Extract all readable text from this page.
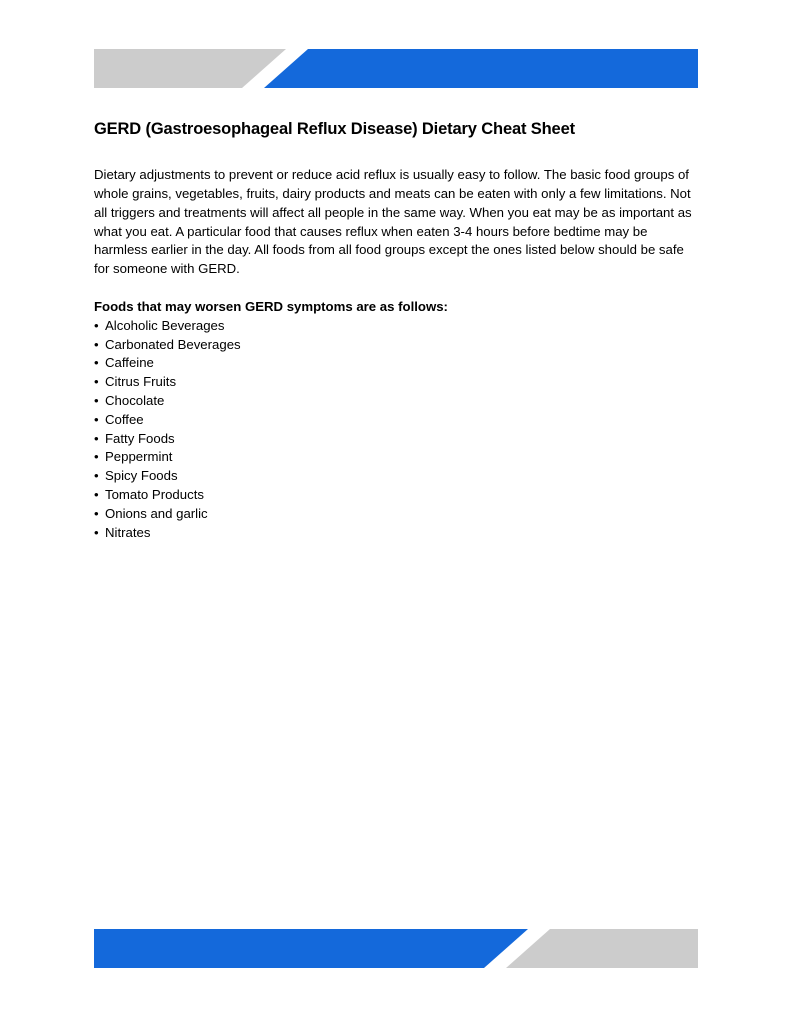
GERD (Gastroesophageal Reflux Disease) Dietary Cheat Sheet

Dietary adjustments to prevent or reduce acid reflux is usually easy to follow. The basic food groups of whole grains, vegetables, fruits, dairy products and meats can be eaten with only a few limitations. Not all triggers and treatments will affect all people in the same way. When you eat may be as important as what you eat. A particular food that causes reflux when eaten 3-4 hours before bedtime may be harmless earlier in the day. All foods from all food groups except the ones listed below should be safe for someone with GERD.

Foods that may worsen GERD symptoms are as follows:

• Alcoholic Beverages
• Carbonated Beverages
• Caffeine
• Citrus Fruits
• Chocolate
• Coffee
• Fatty Foods
• Peppermint
• Spicy Foods
• Tomato Products
• Onions and garlic
• Nitrates
